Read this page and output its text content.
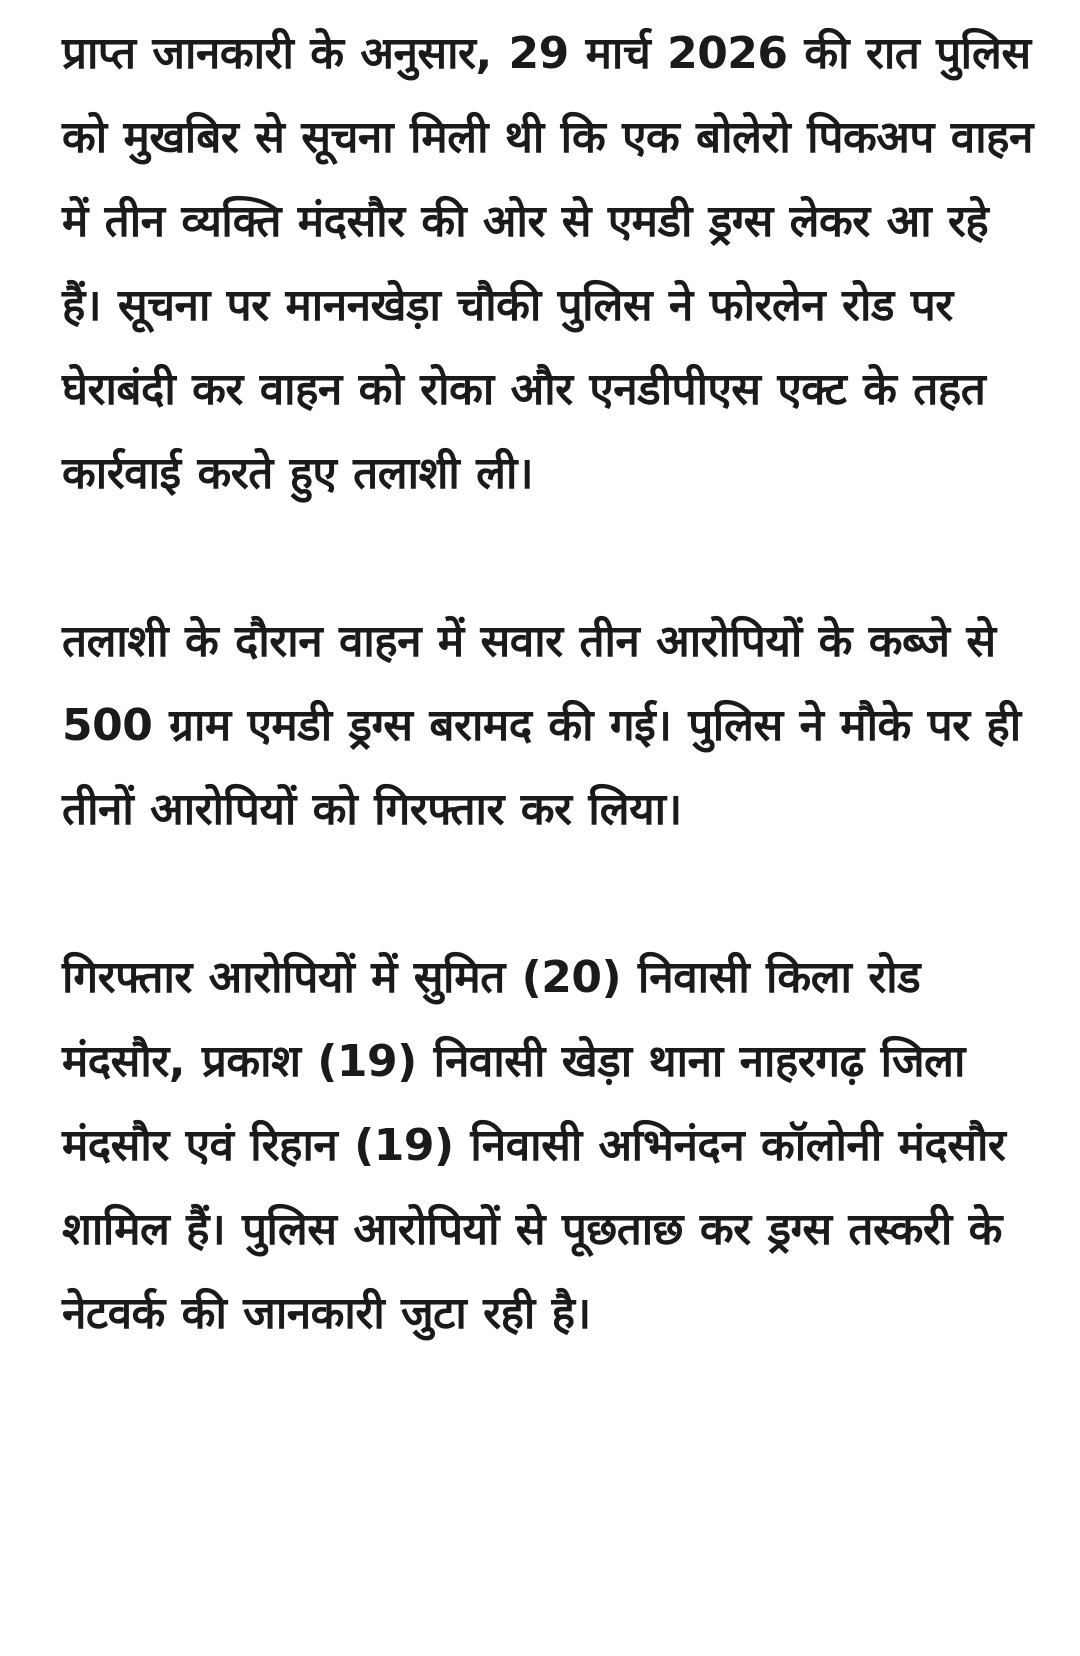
प्राप्त जानकारी के अनुसार, 29 मार्च 2026 की रात पुलिस को मुखबिर से सूचना मिली थी कि एक बोलेरो पिकअप वाहन में तीन व्यक्ति मंदसौर की ओर से एमडी ड्रग्स लेकर आ रहे हैं। सूचना पर माननखेड़ा चौकी पुलिस ने फोरलेन रोड पर घेराबंदी कर वाहन को रोका और एनडीपीएस एक्ट के तहत कार्रवाई करते हुए तलाशी ली।

तलाशी के दौरान वाहन में सवार तीन आरोपियों के कब्जे से 500 ग्राम एमडी ड्रग्स बरामद की गई। पुलिस ने मौके पर ही तीनों आरोपियों को गिरफ्तार कर लिया।

गिरफ्तार आरोपियों में सुमित (20) निवासी किला रोड मंदसौर, प्रकाश (19) निवासी खेड़ा थाना नाहरगढ़ जिला मंदसौर एवं रिहान (19) निवासी अभिनंदन कॉलोनी मंदसौर शामिल हैं। पुलिस आरोपियों से पूछताछ कर ड्रग्स तस्करी के नेटवर्क की जानकारी जुटा रही है।
